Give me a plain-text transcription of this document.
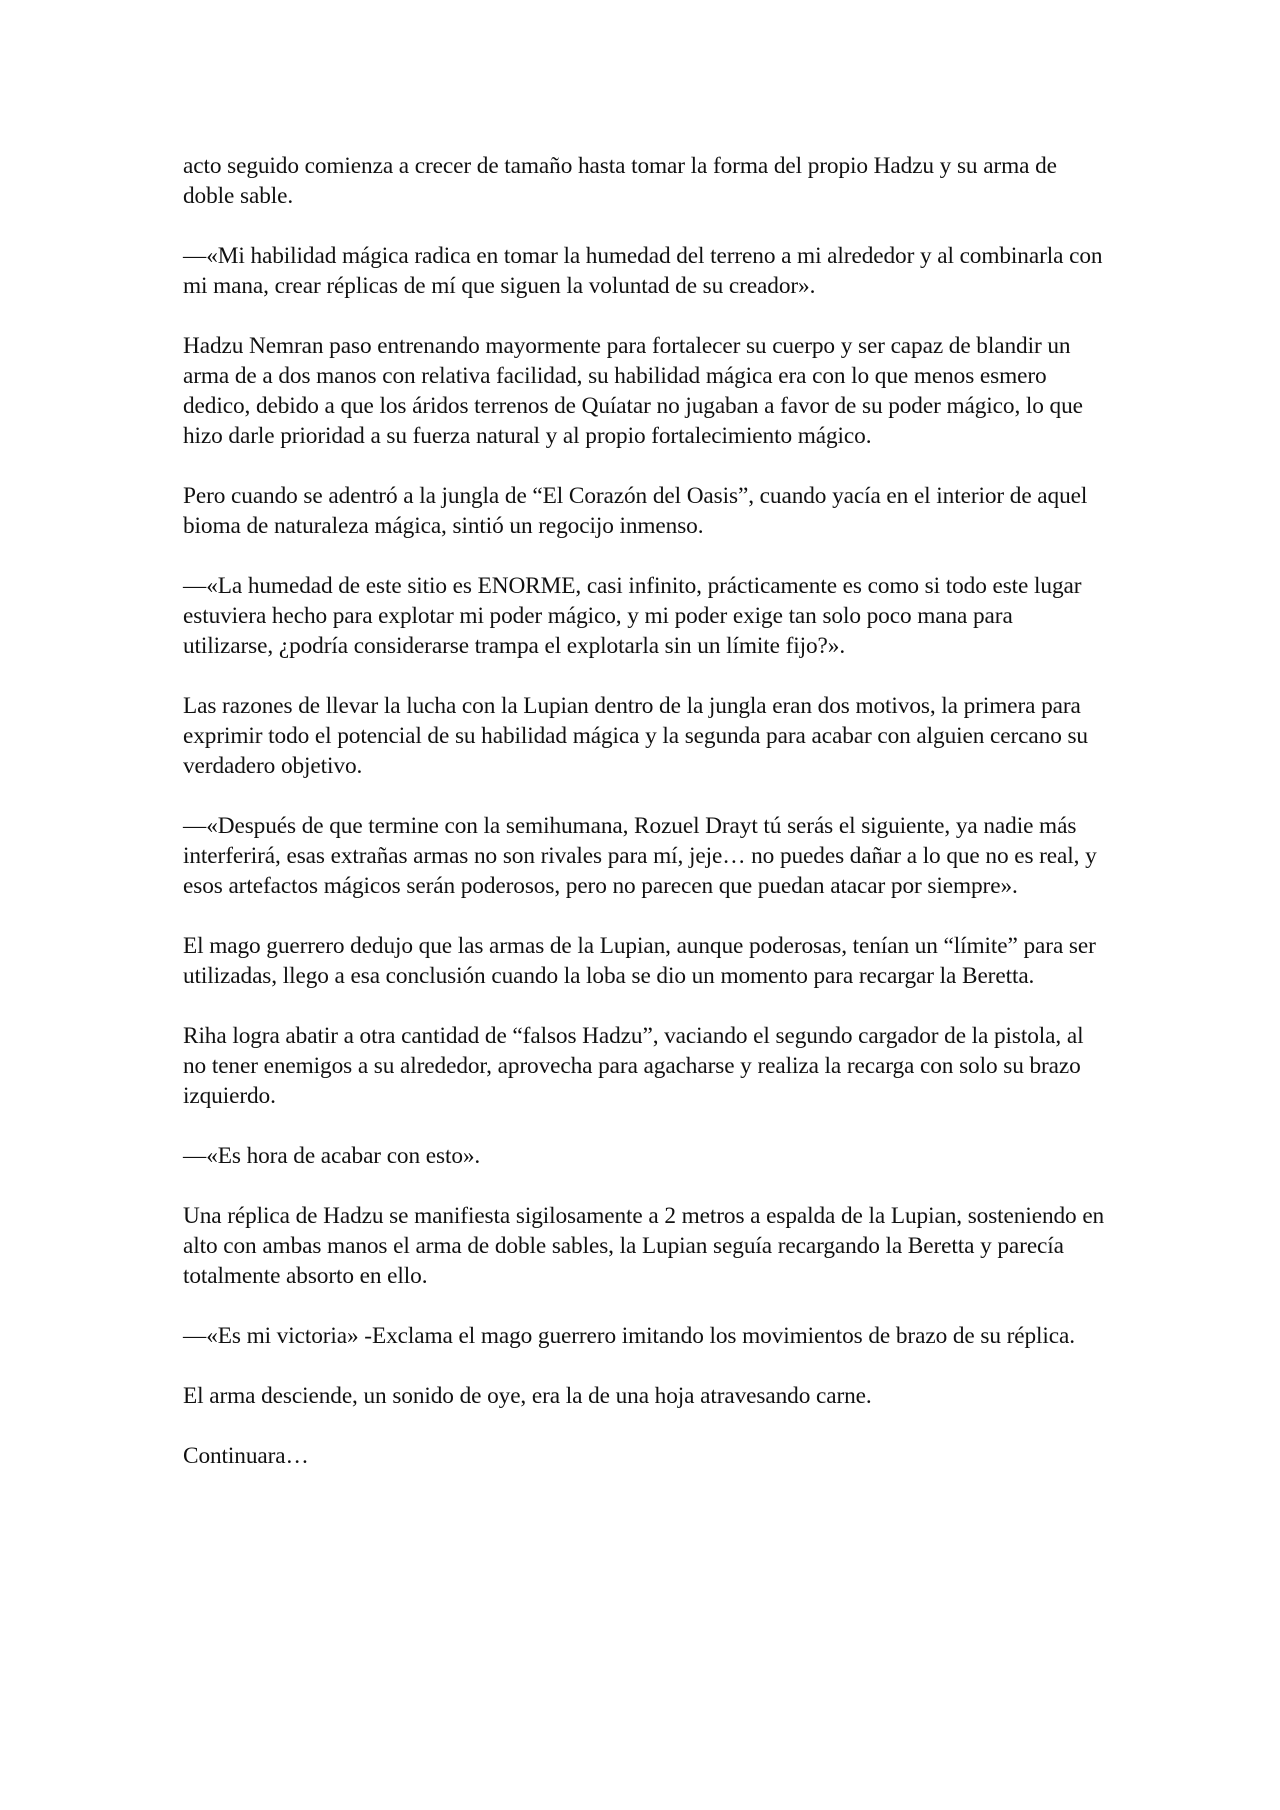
acto seguido comienza a crecer de tamaño hasta tomar la forma del propio Hadzu y su arma de doble sable.

—«Mi habilidad mágica radica en tomar la humedad del terreno a mi alrededor y al combinarla con mi mana, crear réplicas de mí que siguen la voluntad de su creador».

Hadzu Nemran paso entrenando mayormente para fortalecer su cuerpo y ser capaz de blandir un arma de a dos manos con relativa facilidad, su habilidad mágica era con lo que menos esmero dedico, debido a que los áridos terrenos de Quíatar no jugaban a favor de su poder mágico, lo que hizo darle prioridad a su fuerza natural y al propio fortalecimiento mágico.

Pero cuando se adentró a la jungla de “El Corazón del Oasis”, cuando yacía en el interior de aquel bioma de naturaleza mágica, sintió un regocijo inmenso.

—«La humedad de este sitio es ENORME, casi infinito, prácticamente es como si todo este lugar estuviera hecho para explotar mi poder mágico, y mi poder exige tan solo poco mana para utilizarse, ¿podría considerarse trampa el explotarla sin un límite fijo?».

Las razones de llevar la lucha con la Lupian dentro de la jungla eran dos motivos, la primera para exprimir todo el potencial de su habilidad mágica y la segunda para acabar con alguien cercano su verdadero objetivo.

—«Después de que termine con la semihumana, Rozuel Drayt tú serás el siguiente, ya nadie más interferirá, esas extrañas armas no son rivales para mí, jeje… no puedes dañar a lo que no es real, y esos artefactos mágicos serán poderosos, pero no parecen que puedan atacar por siempre».

El mago guerrero dedujo que las armas de la Lupian, aunque poderosas, tenían un “límite” para ser utilizadas, llego a esa conclusión cuando la loba se dio un momento para recargar la Beretta.

Riha logra abatir a otra cantidad de “falsos Hadzu”, vaciando el segundo cargador de la pistola, al no tener enemigos a su alrededor, aprovecha para agacharse y realiza la recarga con solo su brazo izquierdo.

—«Es hora de acabar con esto».

Una réplica de Hadzu se manifiesta sigilosamente a 2 metros a espalda de la Lupian, sosteniendo en alto con ambas manos el arma de doble sables, la Lupian seguía recargando la Beretta y parecía totalmente absorto en ello.

—«Es mi victoria» -Exclama el mago guerrero imitando los movimientos de brazo de su réplica.

El arma desciende, un sonido de oye, era la de una hoja atravesando carne.

Continuara…
